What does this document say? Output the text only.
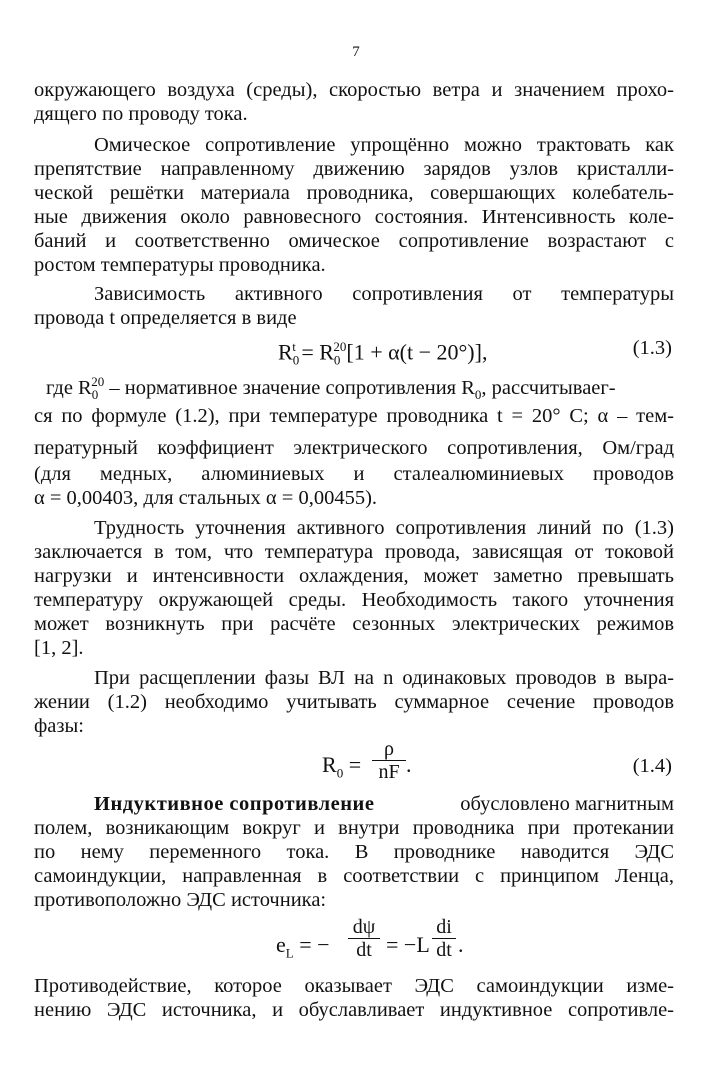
7
окружающего воздуха (среды), скоростью ветра и значением прохо-
дящего по проводу тока.
Омическое сопротивление упрощённо можно трактовать как
препятствие направленному движению зарядов узлов кристалли-
ческой решётки материала проводника, совершающих колебатель-
ные движения около равновесного состояния. Интенсивность коле-
баний и соответственно омическое сопротивление возрастают с
ростом температуры проводника.
Зависимость активного сопротивления от температуры
провода t определяется в виде
$R_0^t = R_0^{20}[1 + \alpha(t - 20^\circ)]$,	(1.3)
где $R_0^{20}$ – нормативное значение сопротивления $R_0$, рассчитываег-
ся по формуле (1.2), при температуре проводника t = 20° C; α – тем-
пературный коэффициент электрического сопротивления, Ом/град
(для медных, алюминиевых и сталеалюминиевых проводов
α = 0,00403, для стальных α = 0,00455).
Трудность уточнения активного сопротивления линий по (1.3)
заключается в том, что температура провода, зависящая от токовой
нагрузки и интенсивности охлаждения, может заметно превышать
температуру окружающей среды. Необходимость такого уточнения
может возникнуть при расчёте сезонных электрических режимов
[1, 2].
При расщеплении фазы ВЛ на n одинаковых проводов в выра-
жении (1.2) необходимо учитывать суммарное сечение проводов
фазы:
$R_0 = \frac{\rho}{nF}$ .	(1.4)
Индуктивное сопротивление	обусловлено магнитным
полем, возникающим вокруг и внутри проводника при протекании
по нему переменного тока. В проводнике наводится ЭДС
самоиндукции, направленная в соответствии с принципом Ленца,
противоположно ЭДС источника:
$e_L$ = − $\frac{d\psi}{dt} = -L \frac{di}{dt}$ .
Противодействие, которое оказывает ЭДС самоиндукции изме-
нению ЭДС источника, и обуславливает индуктивное сопротивле-
